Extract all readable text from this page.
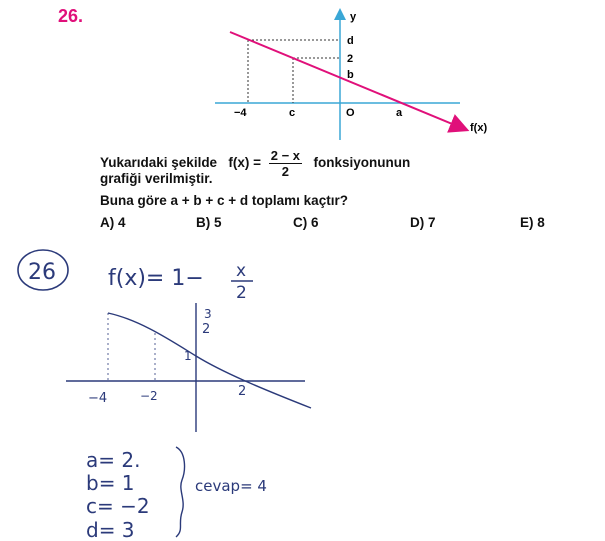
26.	y
d
2
b
−4	c	O	a
f(x)
26 f(x)= 1− x
2
3
2
1
−4	−2	2
a= 2.
b= 1
c= −2
d= 3
cevap= 4
Yukarıdaki şekilde $f(x) = \frac{2 - x}{2}$ fonksiyonunun
grafiği verilmiştir.
Buna göre a + b + c + d toplamı kaçtır?
A) 4	B) 5	C) 6	D) 7	E) 8
